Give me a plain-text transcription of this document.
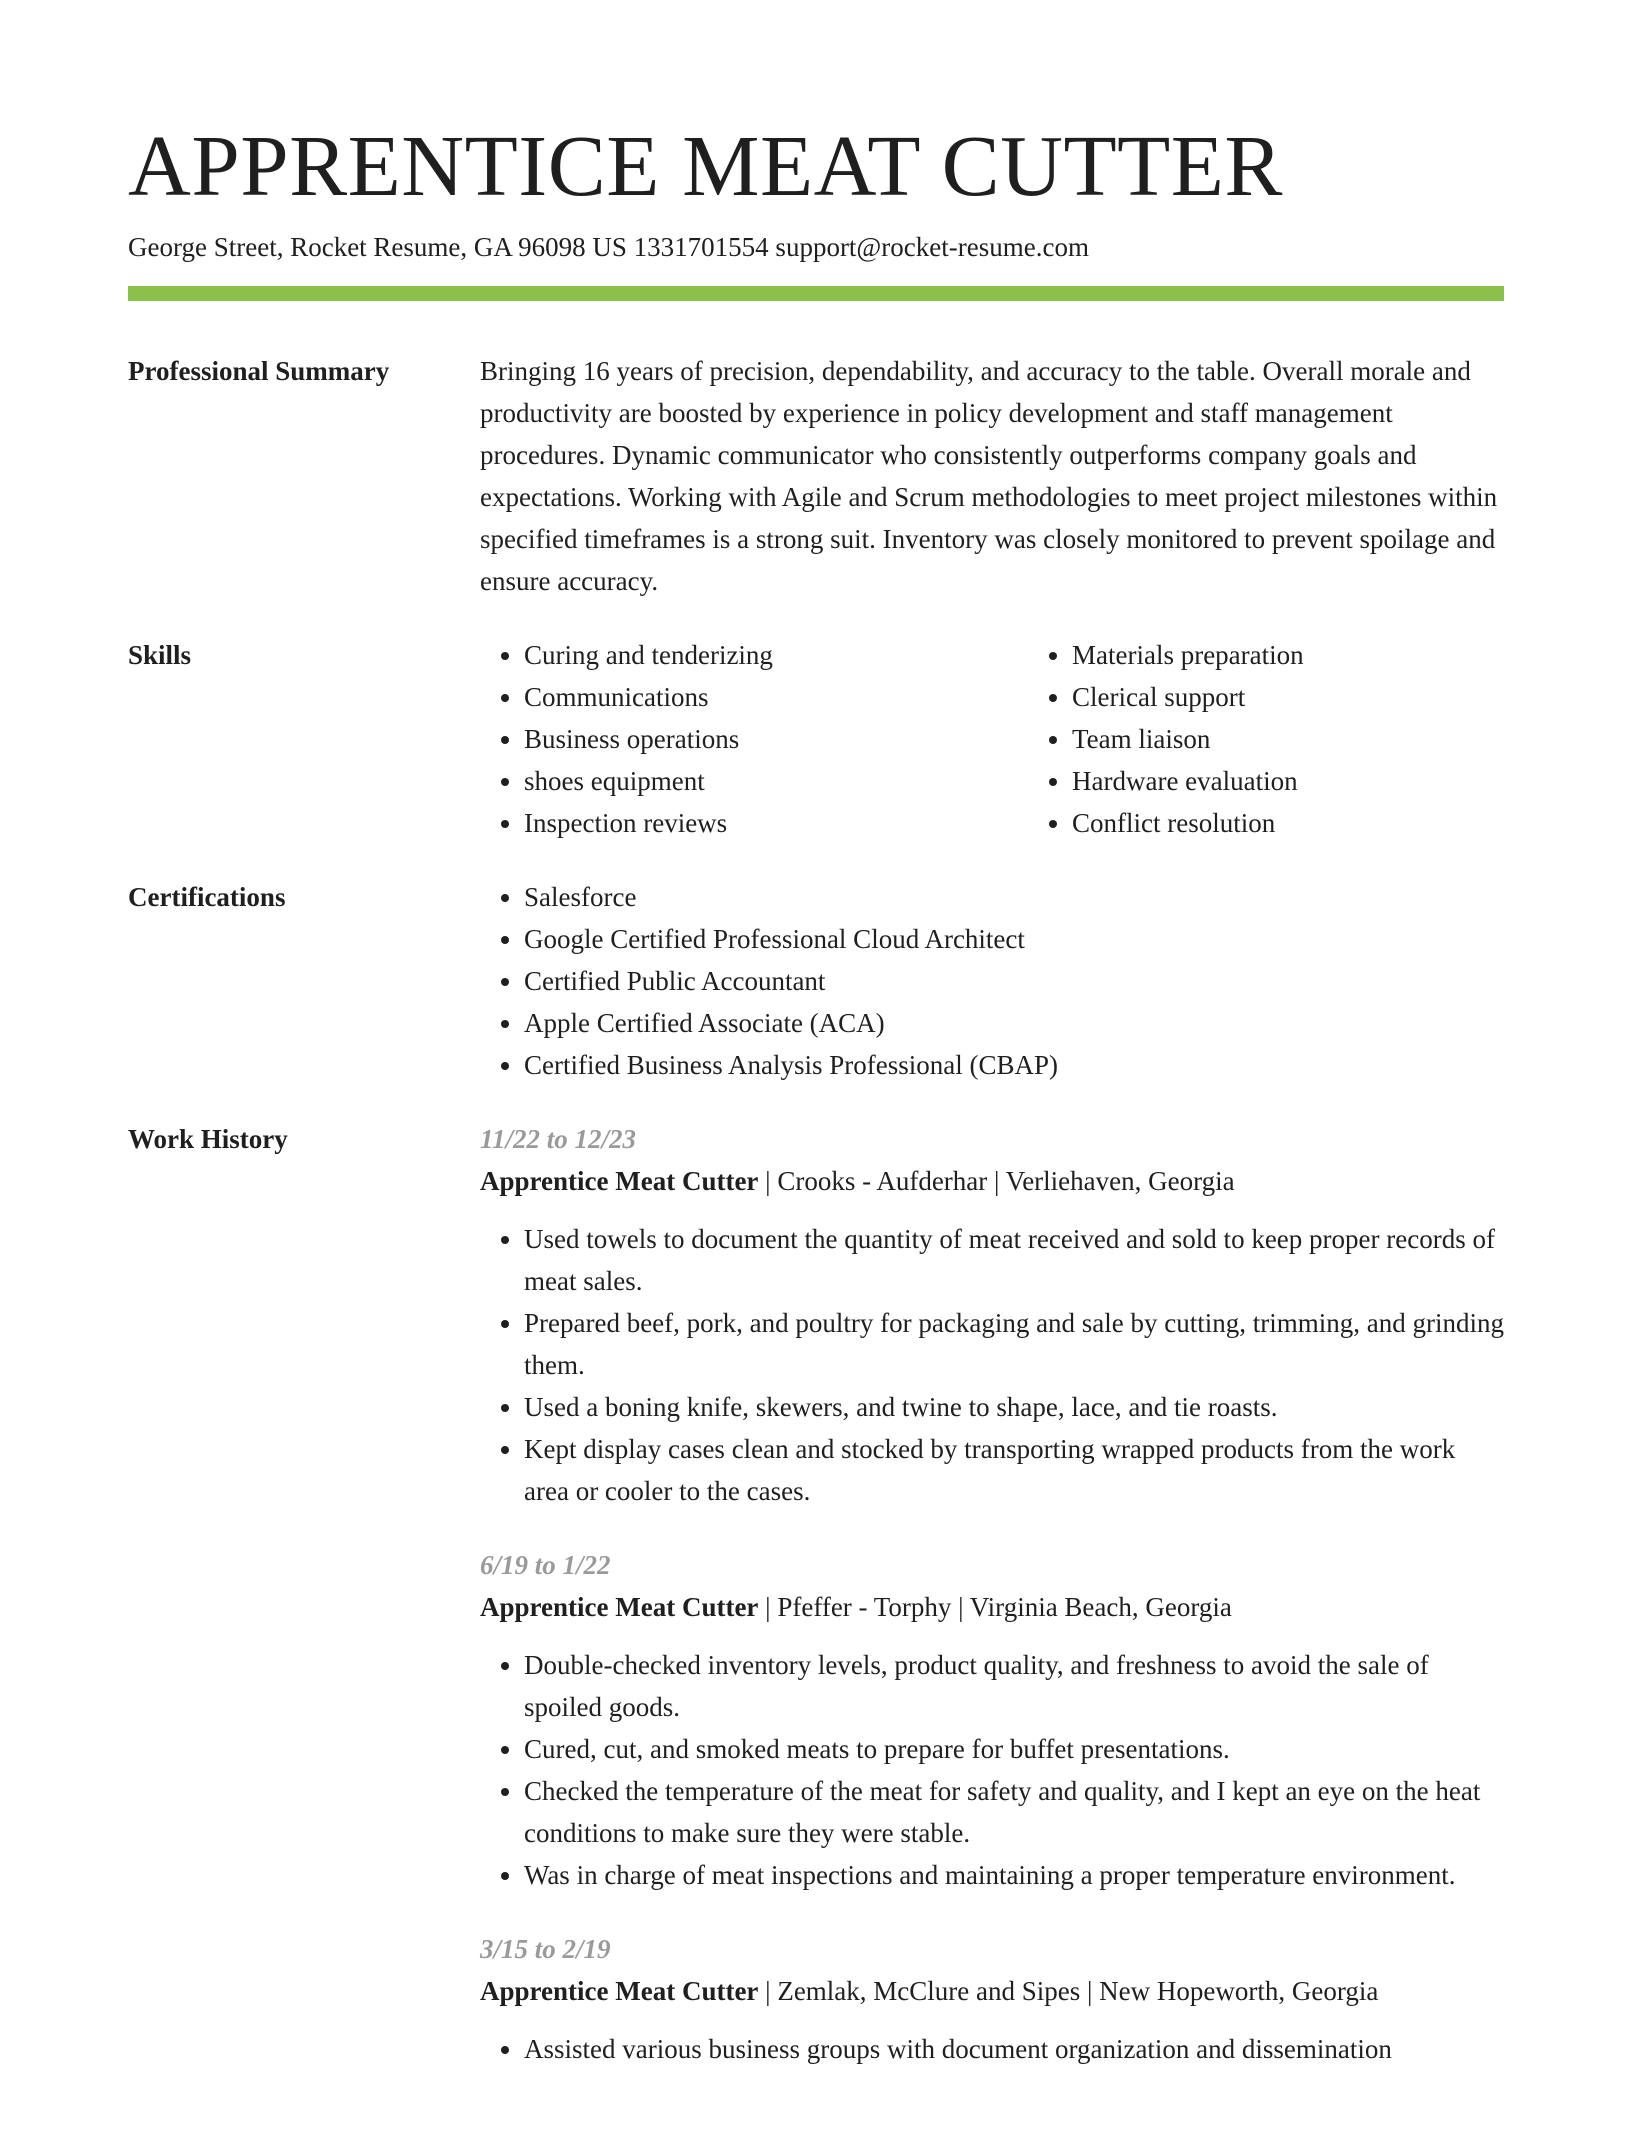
APPRENTICE MEAT CUTTER
George Street, Rocket Resume, GA 96098 US 1331701554 support@rocket-resume.com
Professional Summary	Bringing 16 years of precision, dependability, and accuracy to the table. Overall morale and productivity are boosted by experience in policy development and staff management procedures. Dynamic communicator who consistently outperforms company goals and expectations. Working with Agile and Scrum methodologies to meet project milestones within specified timeframes is a strong suit. Inventory was closely monitored to prevent spoilage and ensure accuracy.

Skills	• Curing and tenderizing
• Communications
• Business operations
• shoes equipment
• Inspection reviews
• Materials preparation
• Clerical support
• Team liaison
• Hardware evaluation
• Conflict resolution
Certifications	• Salesforce
• Google Certified Professional Cloud Architect
• Certified Public Accountant
• Apple Certified Associate (ACA)
• Certified Business Analysis Professional (CBAP)
Work History	11/22 to 12/23
Apprentice Meat Cutter | Crooks - Aufderhar | Verliehaven, Georgia
• Used towels to document the quantity of meat received and sold to keep proper records of meat sales.
• Prepared beef, pork, and poultry for packaging and sale by cutting, trimming, and grinding them.
• Used a boning knife, skewers, and twine to shape, lace, and tie roasts.
• Kept display cases clean and stocked by transporting wrapped products from the work area or cooler to the cases.
6/19 to 1/22
Apprentice Meat Cutter | Pfeffer - Torphy | Virginia Beach, Georgia
• Double-checked inventory levels, product quality, and freshness to avoid the sale of spoiled goods.
• Cured, cut, and smoked meats to prepare for buffet presentations.
• Checked the temperature of the meat for safety and quality, and I kept an eye on the heat conditions to make sure they were stable.
• Was in charge of meat inspections and maintaining a proper temperature environment.
3/15 to 2/19
Apprentice Meat Cutter | Zemlak, McClure and Sipes | New Hopeworth, Georgia
• Assisted various business groups with document organization and dissemination
